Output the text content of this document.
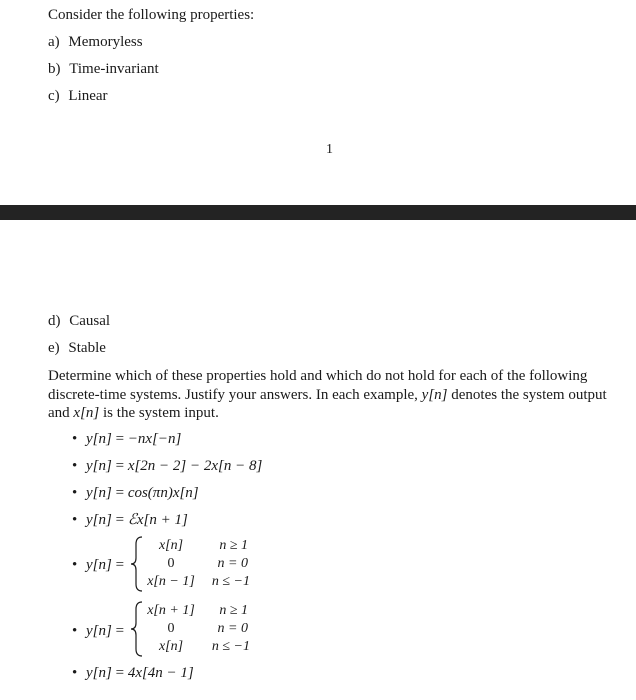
Consider the following properties:
a) Memoryless
b) Time-invariant
c) Linear
1
d) Causal
e) Stable
Determine which of these properties hold and which do not hold for each of the following discrete-time systems. Justify your answers. In each example, y[n] denotes the system output and x[n] is the system input.
• y[n] = −nx[−n]
• y[n] = x[2n − 2] − 2x[n − 8]
• y[n] = cos(πn)x[n]
• y[n] = ℰx[n + 1]
• y[n] =
x[n]	n ≥ 1
0	n = 0
x[n − 1]	n ≤ −1
• y[n] =
x[n + 1]	n ≥ 1
0	n = 0
x[n]	n ≤ −1
• y[n] = 4x[4n − 1]
